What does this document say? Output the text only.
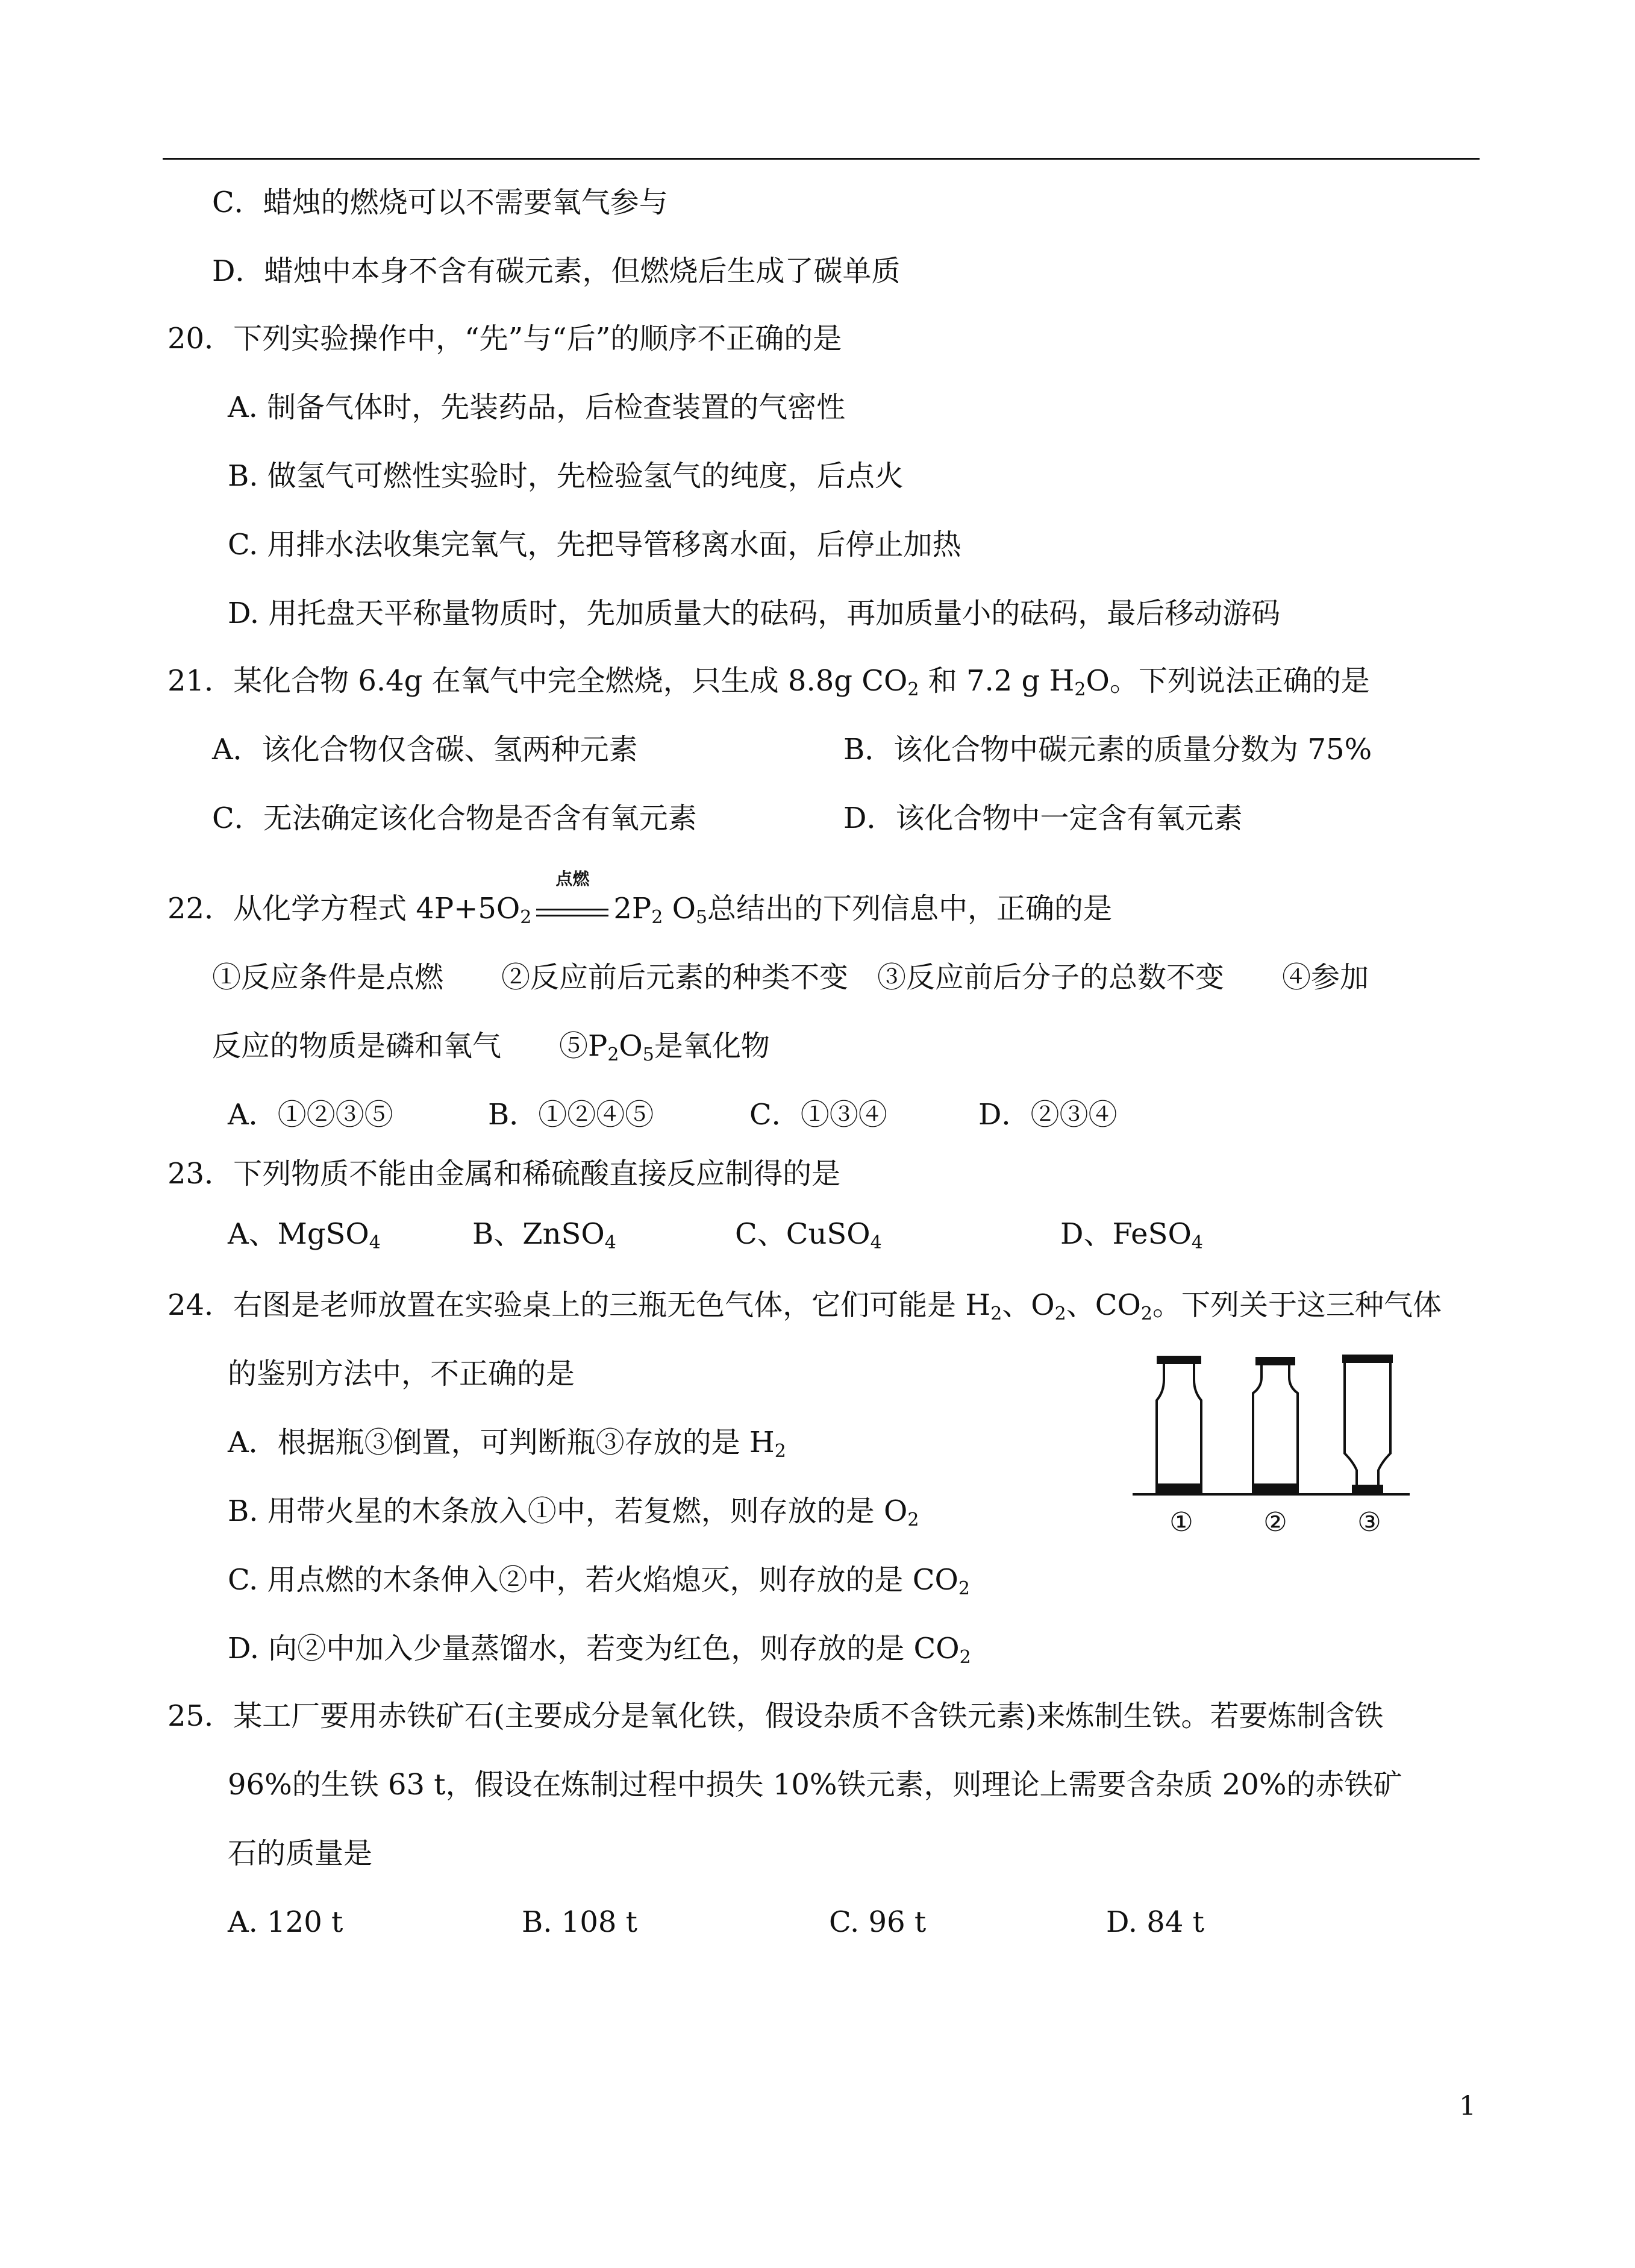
C．蜡烛的燃烧可以不需要氧气参与
D．蜡烛中本身不含有碳元素，但燃烧后生成了碳单质
20．下列实验操作中，“先”与“后”的顺序不正确的是
A. 制备气体时，先装药品，后检查装置的气密性
B. 做氢气可燃性实验时，先检验氢气的纯度，后点火
C. 用排水法收集完氧气，先把导管移离水面，后停止加热
D. 用托盘天平称量物质时，先加质量大的砝码，再加质量小的砝码，最后移动游码
21．某化合物 6.4g 在氧气中完全燃烧，只生成 8.8g $CO_2$ 和 7.2 g $H_2O$。下列说法正确的是
A．该化合物仅含碳、氢两种元素	B．该化合物中碳元素的质量分数为 75%
C．无法确定该化合物是否含有氧元素	D．该化合物中一定含有氧元素
22．从化学方程式 $4P+5O_2$
点燃
$2P_2$ $O_5$总结出的下列信息中，正确的是
①反应条件是点燃　　②反应前后元素的种类不变　③反应前后分子的总数不变　　④参加
反应的物质是磷和氧气　　$⑤P_2O_5$是氧化物
A．①②③⑤	B．①②④⑤	C．①③④	D．②③④
23．下列物质不能由金属和稀硫酸直接反应制得的是
A、MgSO$_4$	B、ZnSO$_4$	C、CuSO$_4$	D、FeSO$_4$
24．右图是老师放置在实验桌上的三瓶无色气体，它们可能是 $H_2$、$O_2$、$CO_2$。下列关于这三种气体
的鉴别方法中，不正确的是
A．根据瓶③倒置，可判断瓶③存放的是 $H_2$
B. 用带火星的木条放入①中，若复燃，则存放的是 $O_2$
C. 用点燃的木条伸入②中，若火焰熄灭，则存放的是 $CO_2$
D. 向②中加入少量蒸馏水，若变为红色，则存放的是 $CO_2$
①	②	③
25．某工厂要用赤铁矿石(主要成分是氧化铁，假设杂质不含铁元素)来炼制生铁。若要炼制含铁
96%的生铁 63 t，假设在炼制过程中损失 10%铁元素，则理论上需要含杂质 20%的赤铁矿
石的质量是
A. 120 t	B. 108 t	C. 96 t	D. 84 t
1
